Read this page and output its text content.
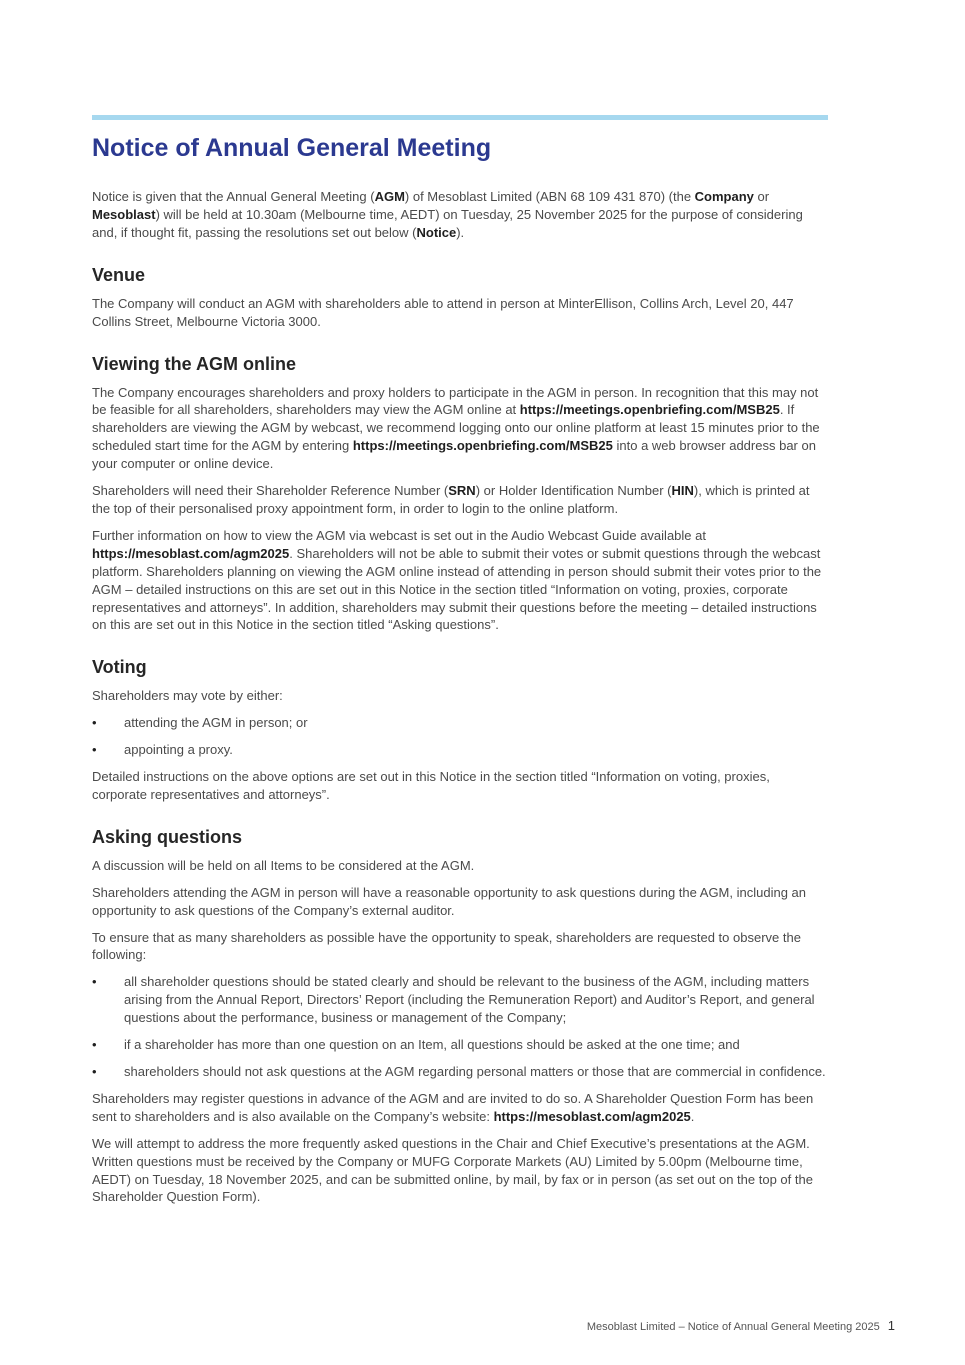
Notice of Annual General Meeting

Notice is given that the Annual General Meeting (AGM) of Mesoblast Limited (ABN 68 109 431 870) (the Company or Mesoblast) will be held at 10.30am (Melbourne time, AEDT) on Tuesday, 25 November 2025 for the purpose of considering and, if thought fit, passing the resolutions set out below (Notice).

Venue

The Company will conduct an AGM with shareholders able to attend in person at MinterEllison, Collins Arch, Level 20, 447 Collins Street, Melbourne Victoria 3000.

Viewing the AGM online

The Company encourages shareholders and proxy holders to participate in the AGM in person. In recognition that this may not be feasible for all shareholders, shareholders may view the AGM online at https://meetings.openbriefing.com/MSB25. If shareholders are viewing the AGM by webcast, we recommend logging onto our online platform at least 15 minutes prior to the scheduled start time for the AGM by entering https://meetings.openbriefing.com/MSB25 into a web browser address bar on your computer or online device.

Shareholders will need their Shareholder Reference Number (SRN) or Holder Identification Number (HIN), which is printed at the top of their personalised proxy appointment form, in order to login to the online platform.

Further information on how to view the AGM via webcast is set out in the Audio Webcast Guide available at https://mesoblast.com/agm2025. Shareholders will not be able to submit their votes or submit questions through the webcast platform. Shareholders planning on viewing the AGM online instead of attending in person should submit their votes prior to the AGM – detailed instructions on this are set out in this Notice in the section titled “Information on voting, proxies, corporate representatives and attorneys”. In addition, shareholders may submit their questions before the meeting – detailed instructions on this are set out in this Notice in the section titled “Asking questions”.

Voting

Shareholders may vote by either:

• attending the AGM in person; or
• appointing a proxy.

Detailed instructions on the above options are set out in this Notice in the section titled “Information on voting, proxies, corporate representatives and attorneys”.

Asking questions

A discussion will be held on all Items to be considered at the AGM.

Shareholders attending the AGM in person will have a reasonable opportunity to ask questions during the AGM, including an opportunity to ask questions of the Company’s external auditor.

To ensure that as many shareholders as possible have the opportunity to speak, shareholders are requested to observe the following:

• all shareholder questions should be stated clearly and should be relevant to the business of the AGM, including matters arising from the Annual Report, Directors’ Report (including the Remuneration Report) and Auditor’s Report, and general questions about the performance, business or management of the Company;
• if a shareholder has more than one question on an Item, all questions should be asked at the one time; and
• shareholders should not ask questions at the AGM regarding personal matters or those that are commercial in confidence.

Shareholders may register questions in advance of the AGM and are invited to do so. A Shareholder Question Form has been sent to shareholders and is also available on the Company’s website: https://mesoblast.com/agm2025.

We will attempt to address the more frequently asked questions in the Chair and Chief Executive’s presentations at the AGM. Written questions must be received by the Company or MUFG Corporate Markets (AU) Limited by 5.00pm (Melbourne time, AEDT) on Tuesday, 18 November 2025, and can be submitted online, by mail, by fax or in person (as set out on the top of the Shareholder Question Form).

Mesoblast Limited – Notice of Annual General Meeting 2025 1
